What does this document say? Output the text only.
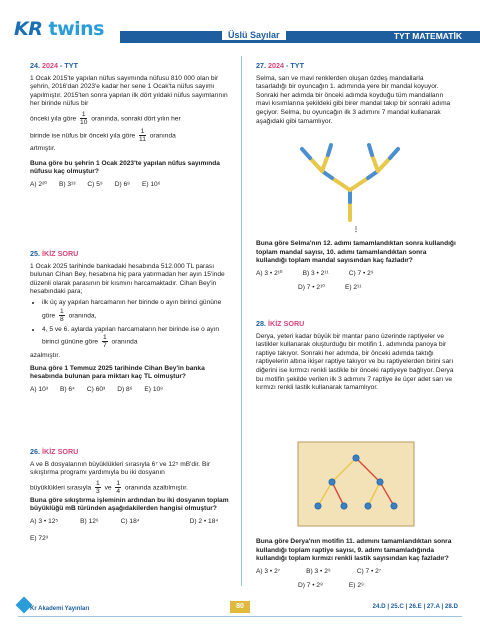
KR twins	Üslü Sayılar	TYT MATEMATİK
24. 2024 - TYT

1 Ocak 2015'te yapılan nüfus sayımında nüfusu 810 000 olan bir şehrin, 2016'dan 2023'e kadar her sene 1 Ocak'ta nüfus sayımı yapılmıştır. 2015'ten sonra yapılan ilk dört yıldaki nüfus sayımlarının her birinde nüfus bir

önceki yıla göre $\frac{1}{10}$ oranında, sonraki dört yılın her

birinde ise nüfus bir önceki yıla göre $\frac{1}{11}$ oranında

artmıştır.

Buna göre bu şehrin 1 Ocak 2023'te yapılan nüfus sayımında nüfusu kaç olmuştur?

A) 2²⁰ B) 3¹³ C) 5⁹ D) 6⁸ E) 10⁶
25. İKİZ SORU

1 Ocak 2025 tarihinde bankadaki hesabında 512.000 TL parası bulunan Cihan Bey, hesabına hiç para yatırmadan her ayın 15'inde düzenli olarak parasının bir kısmını harcamaktadır. Cihan Bey'in hesabındaki para;

• ilk üç ay yapılan harcamanın her birinde o ayın birinci gününe göre $\frac{1}{8}$ oranında,
• 4, 5 ve 6. aylarda yapılan harcamaların her birinde ise o ayın birinci gününe göre $\frac{1}{7}$ oranında

azalmıştır.

Buna göre 1 Temmuz 2025 tarihinde Cihan Bey'in banka hesabında bulunan para miktarı kaç TL olmuştur?

A) 10³ B) 6⁴ C) 60³ D) 8⁶ E) 10⁸
26. İKİZ SORU

A ve B dosyalarının büyüklükleri sırasıyla 6⁷ ve 12⁵ mB'dir. Bir sıkıştırma programı yardımıyla bu iki dosyanın

büyüklükleri sırasıyla $\frac{1}{3}$ ve $\frac{1}{4}$ oranında azaltılmıştır.

Buna göre sıkıştırma işleminin ardından bu iki dosyanın toplam büyüklüğü mB türünden aşağıdakilerden hangisi olmuştur?

A) 3 • 12⁵	B) 12⁶	C) 18⁴	D) 2 • 18⁴
E) 72³
27. 2024 - TYT

Selma, sarı ve mavi renklerden oluşan özdeş mandallarla tasarladığı bir oyuncağın 1. adımında yere bir mandal koyuyor. Sonraki her adımda bir önceki adımda koyduğu tüm mandalların mavi kısımlarına şekildeki gibi birer mandal takıp bir sonraki adıma geçiyor. Selma, bu oyuncağın ilk 3 adımını 7 mandal kullanarak aşağıdaki gibi tamamlıyor.

⋮

Buna göre Selma'nın 12. adımı tamamlandıktan sonra kullandığı toplam mandal sayısı, 10. adımı tamamlandıktan sonra kullandığı toplam mandal sayısından kaç fazladır?

A) 3 • 2¹⁰	B) 3 • 2¹¹	C) 7 • 2⁹
D) 7 • 2¹⁰	E) 2¹¹
28. İKİZ SORU

Derya, yeteri kadar büyük bir mantar pano üzerinde raptiyeler ve lastikler kullanarak oluşturduğu bir motifin 1. adımında panoya bir raptiye takıyor. Sonraki her adımda, bir önceki adımda taktığı raptiyelerin altına ikişer raptiye takıyor ve bu raptiyelerden birini sarı diğerini ise kırmızı renkli lastikle bir önceki raptiyeye bağlıyor. Derya bu motifin şekilde verilen ilk 3 adımını 7 raptiye ile üçer adet sarı ve kırmızı renkli lastik kullanarak tamamlıyor.

Buna göre Derya'nın motifin 11. adımını tamamlandıktan sonra kullandığı toplam raptiye sayısı, 9. adımı tamamladığında kullandığı toplam kırmızı renkli lastik sayısından kaç fazladır?

A) 3 • 2⁷	B) 3 • 2⁹	C) 7 • 2⁷
D) 7 • 2⁸	E) 2⁹
Kr Akademi Yayınları	80	24.D | 25.C | 26.E | 27.A | 28.D
